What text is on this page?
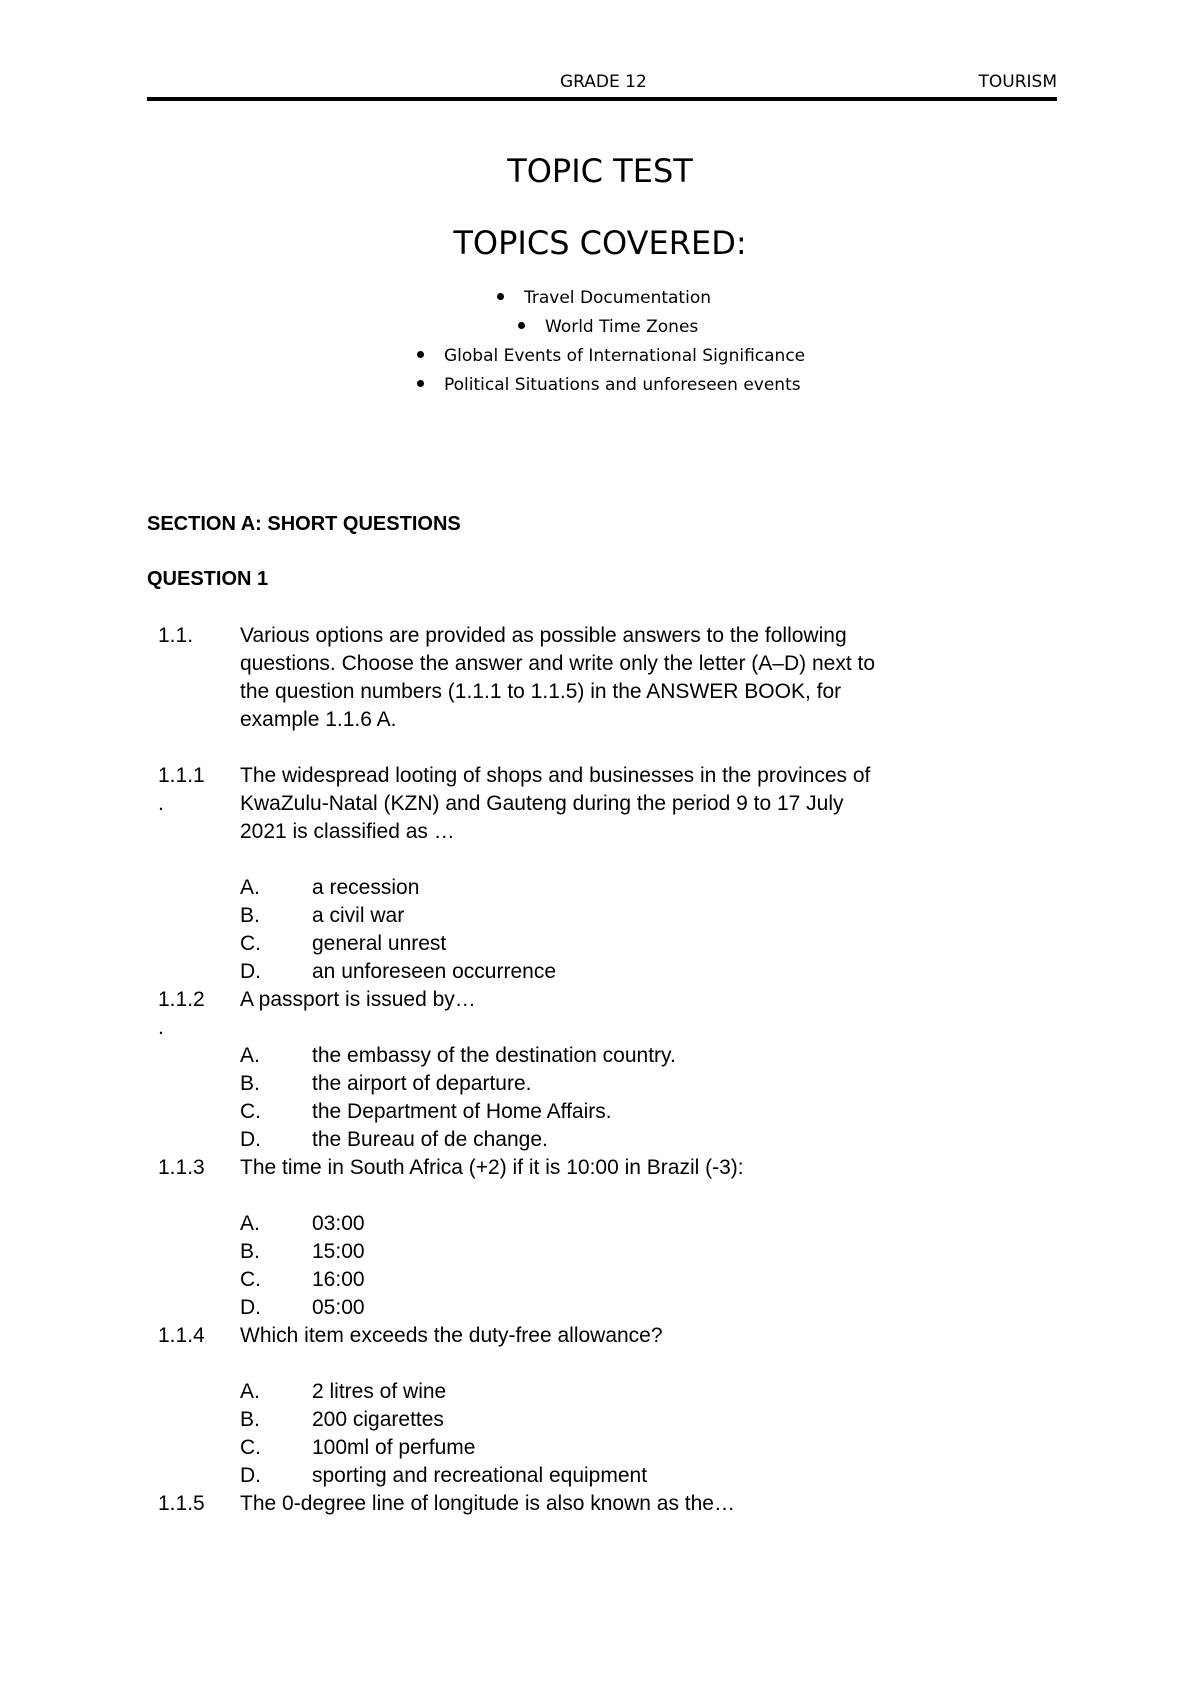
GRADE 12	TOURISM
TOPIC TEST
TOPICS COVERED:
Travel Documentation
World Time Zones
Global Events of International Significance
Political Situations and unforeseen events
SECTION A: SHORT QUESTIONS
QUESTION 1
1.1. Various options are provided as possible answers to the following
questions. Choose the answer and write only the letter (A–D) next to
the question numbers (1.1.1 to 1.1.5) in the ANSWER BOOK, for
example 1.1.6 A.
1.1.1
.
The widespread looting of shops and businesses in the provinces of
KwaZulu-Natal (KZN) and Gauteng during the period 9 to 17 July
2021 is classified as …
A. a recession
B. a civil war
C. general unrest
D. an unforeseen occurrence
1.1.2
.
A passport is issued by…
A. the embassy of the destination country.
B. the airport of departure.
C. the Department of Home Affairs.
D. the Bureau of de change.
1.1.3 The time in South Africa (+2) if it is 10:00 in Brazil (-3):
A. 03:00
B. 15:00
C. 16:00
D. 05:00
1.1.4 Which item exceeds the duty-free allowance?
A. 2 litres of wine
B. 200 cigarettes
C. 100ml of perfume
D. sporting and recreational equipment
1.1.5 The 0-degree line of longitude is also known as the…
